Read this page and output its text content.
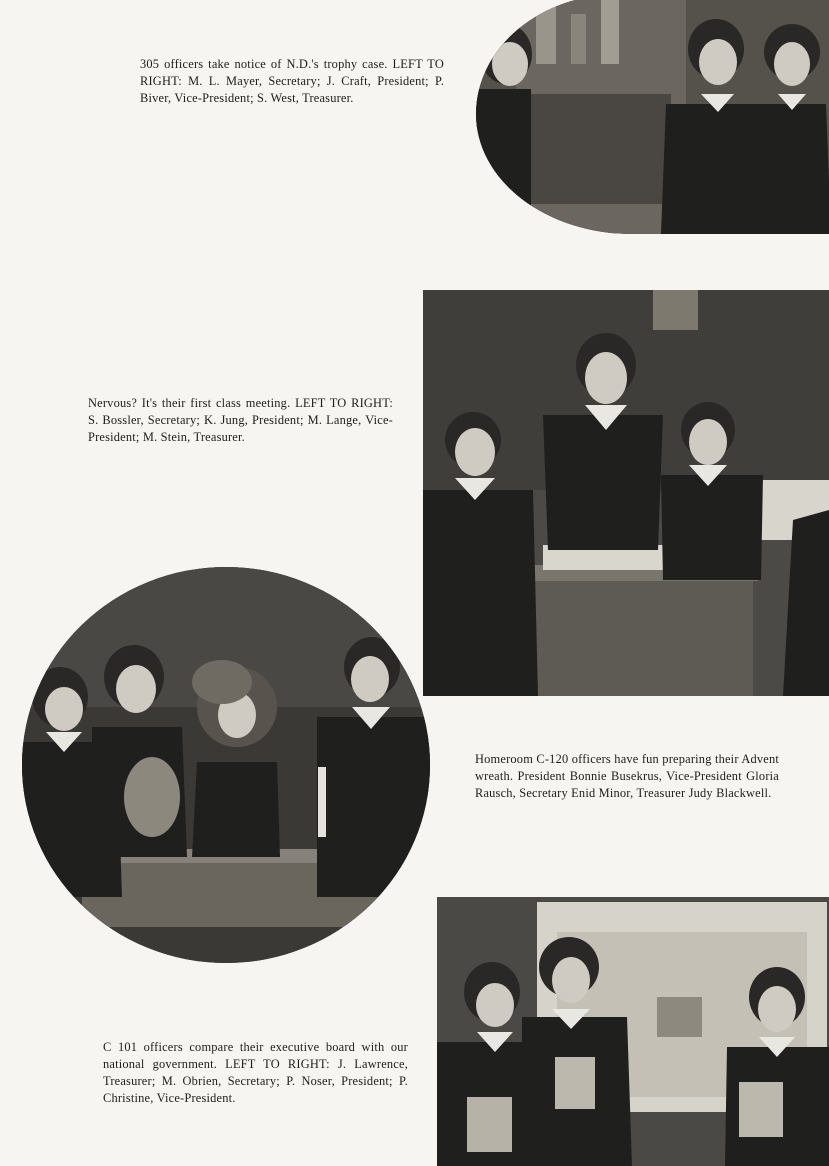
305 officers take notice of N.D.'s trophy case. LEFT TO RIGHT: M. L. Mayer, Secretary; J. Craft, President; P. Biver, Vice-President; S. West, Treasurer.
Nervous? It's their first class meeting. LEFT TO RIGHT: S. Bossler, Secretary; K. Jung, President; M. Lange, Vice-President; M. Stein, Treasurer.
Homeroom C-120 officers have fun preparing their Advent wreath. President Bonnie Busekrus, Vice-President Gloria Rausch, Secretary Enid Minor, Treasurer Judy Blackwell.
C 101 officers compare their executive board with our national government. LEFT TO RIGHT: J. Lawrence, Treasurer; M. Obrien, Secretary; P. Noser, President; P. Christine, Vice-President.
